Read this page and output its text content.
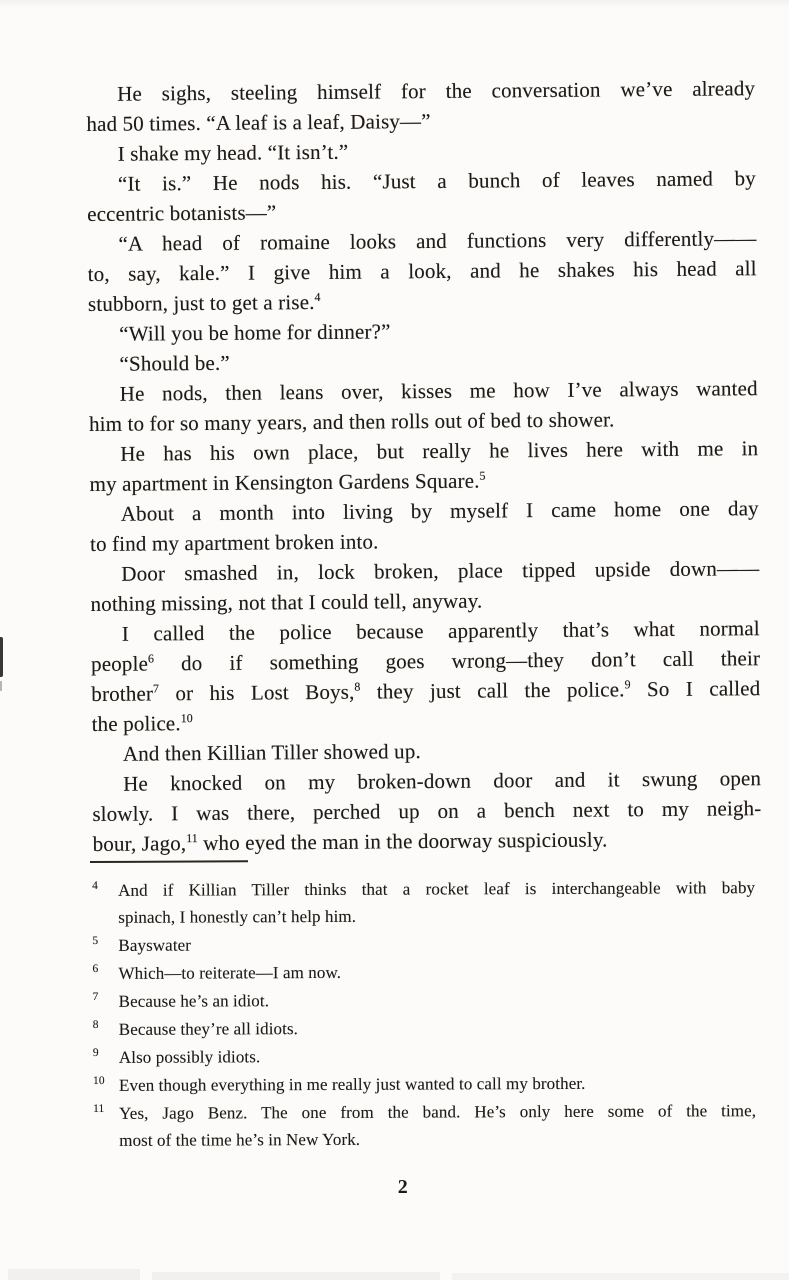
He sighs, steeling himself for the conversation we’ve already
had 50 times. “A leaf is a leaf, Daisy—”
I shake my head. “It isn’t.”
“It is.” He nods his. “Just a bunch of leaves named by
eccentric botanists—”
“A head of romaine looks and functions very differently——
to, say, kale.” I give him a look, and he shakes his head all
stubborn, just to get a rise.$^4$
“Will you be home for dinner?”
“Should be.”
He nods, then leans over, kisses me how I’ve always wanted
him to for so many years, and then rolls out of bed to shower.
He has his own place, but really he lives here with me in
my apartment in Kensington Gardens Square.$^5$
About a month into living by myself I came home one day
to find my apartment broken into.
Door smashed in, lock broken, place tipped upside down——
nothing missing, not that I could tell, anyway.
I called the police because apparently that’s what normal
people$^6$ do if something goes wrong—they don’t call their
brother$^7$ or his Lost Boys,$^8$ they just call the police.$^9$ So I called
the police.$^{10}$
And then Killian Tiller showed up.
He knocked on my broken-down door and it swung open
slowly. I was there, perched up on a bench next to my neigh-
bour, Jago,$^{11}$ who eyed the man in the doorway suspiciously.
4	And if Killian Tiller thinks that a rocket leaf is interchangeable with baby
spinach, I honestly can’t help him.
5	Bayswater
6	Which—to reiterate—I am now.
7	Because he’s an idiot.
8	Because they’re all idiots.
9	Also possibly idiots.
10 Even though everything in me really just wanted to call my brother.
11 Yes, Jago Benz. The one from the band. He’s only here some of the time,
most of the time he’s in New York.
2
